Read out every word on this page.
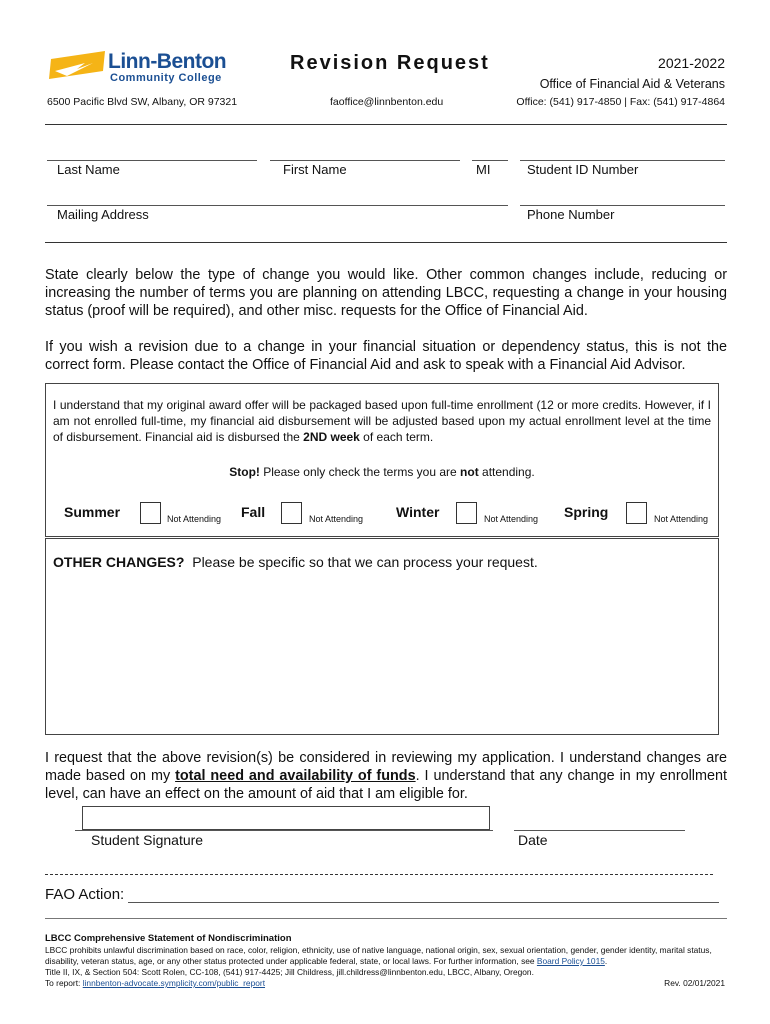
Linn-Benton
Community College
Revision Request	2021-2022
Office of Financial Aid & Veterans
6500 Pacific Blvd SW, Albany, OR 97321	faoffice@linnbenton.edu	Office: (541) 917-4850 | Fax: (541) 917-4864
Last Name	First Name	MI	Student ID Number
Mailing Address	Phone Number
State clearly below the type of change you would like. Other common changes include, reducing or increasing the number of terms you are planning on attending LBCC, requesting a change in your housing status (proof will be required), and other misc. requests for the Office of Financial Aid.
If you wish a revision due to a change in your financial situation or dependency status, this is not the correct form. Please contact the Office of Financial Aid and ask to speak with a Financial Aid Advisor.
I understand that my original award offer will be packaged based upon full-time enrollment (12 or more credits. However, if I am not enrolled full-time, my financial aid disbursement will be adjusted based upon my actual enrollment level at the time of disbursement. Financial aid is disbursed the 2ND week of each term.
Stop! Please only check the terms you are not attending.
Summer	Not Attending Fall	Not Attending Winter	Not Attending Spring	Not Attending
OTHER CHANGES?  Please be specific so that we can process your request.
I request that the above revision(s) be considered in reviewing my application. I understand changes are made based on my total need and availability of funds. I understand that any change in my enrollment level, can have an effect on the amount of aid that I am eligible for.
Student Signature	Date
FAO Action:
LBCC Comprehensive Statement of Nondiscrimination
LBCC prohibits unlawful discrimination based on race, color, religion, ethnicity, use of native language, national origin, sex, sexual orientation, gender, gender identity, marital status, disability, veteran status, age, or any other status protected under applicable federal, state, or local laws. For further information, see Board Policy 1015.
Title II, IX, & Section 504: Scott Rolen, CC-108, (541) 917-4425; Jill Childress, jill.childress@linnbenton.edu, LBCC, Albany, Oregon.
To report: linnbenton-advocate.symplicity.com/public_report	Rev. 02/01/2021
